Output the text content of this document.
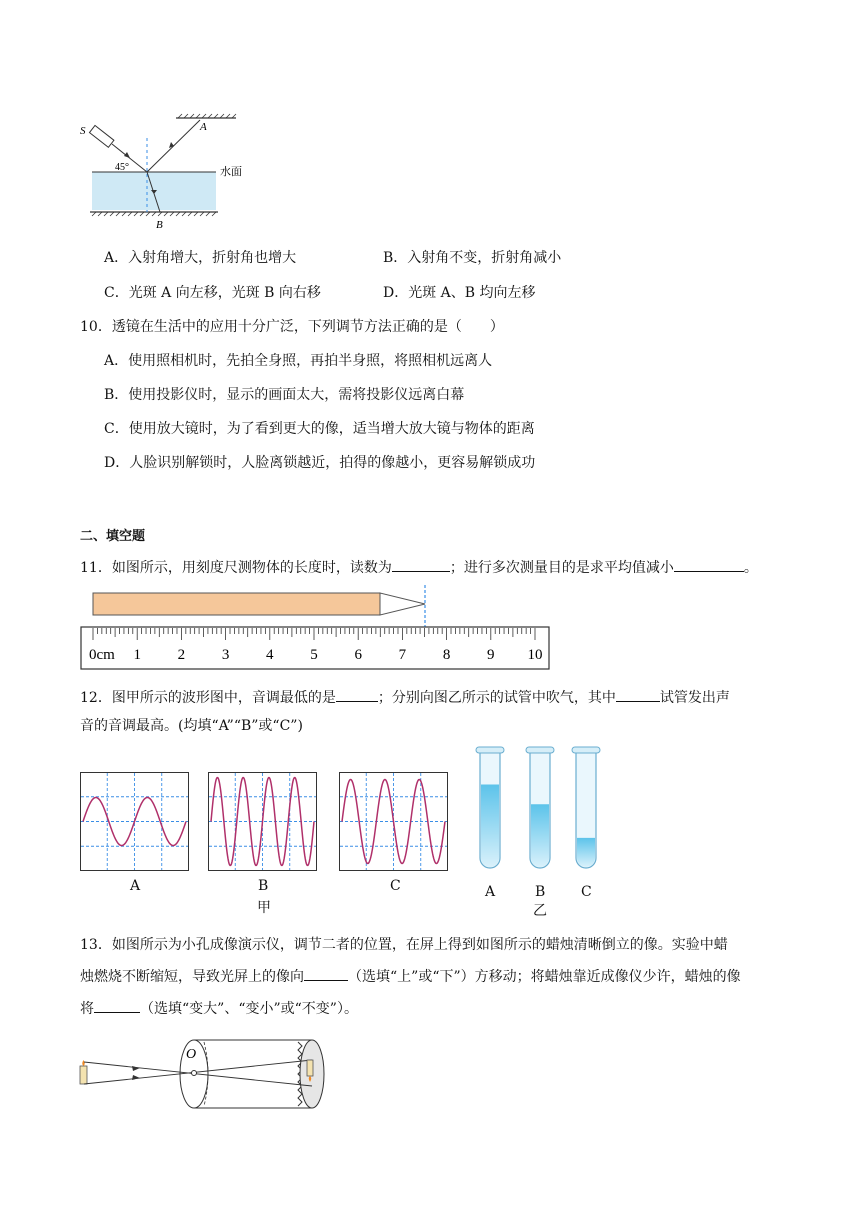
S	A
B
45°	水面
A．入射角增大，折射角也增大	B．入射角不变，折射角减小
C．光斑 A 向左移，光斑 B 向右移	D．光斑 A、B 均向左移
10．透镜在生活中的应用十分广泛，下列调节方法正确的是（　　）
A．使用照相机时，先拍全身照，再拍半身照，将照相机远离人
B．使用投影仪时，显示的画面太大，需将投影仪远离白幕
C．使用放大镜时，为了看到更大的像，适当增大放大镜与物体的距离
D．人脸识别解锁时，人脸离锁越近，拍得的像越小，更容易解锁成功
二、填空题
11．如图所示，用刻度尺测物体的长度时，读数为	；进行多次测量目的是求平均值减小	。
0cm 1 2 3 4 5 6 7 8 9 10
12．图甲所示的波形图中，音调最低的是	；分别向图乙所示的试管中吹气，其中	试管发出声
音的音调最高。(均填“A”“B”或“C”)
A	B	C
甲
A	B	C
乙
13．如图所示为小孔成像演示仪，调节二者的位置，在屏上得到如图所示的蜡烛清晰倒立的像。实验中蜡
烛燃烧不断缩短，导致光屏上的像向	（选填“上”或“下”）方移动；将蜡烛靠近成像仪少许，蜡烛的像
将	（选填“变大”、“变小”或“不变”）。
O
